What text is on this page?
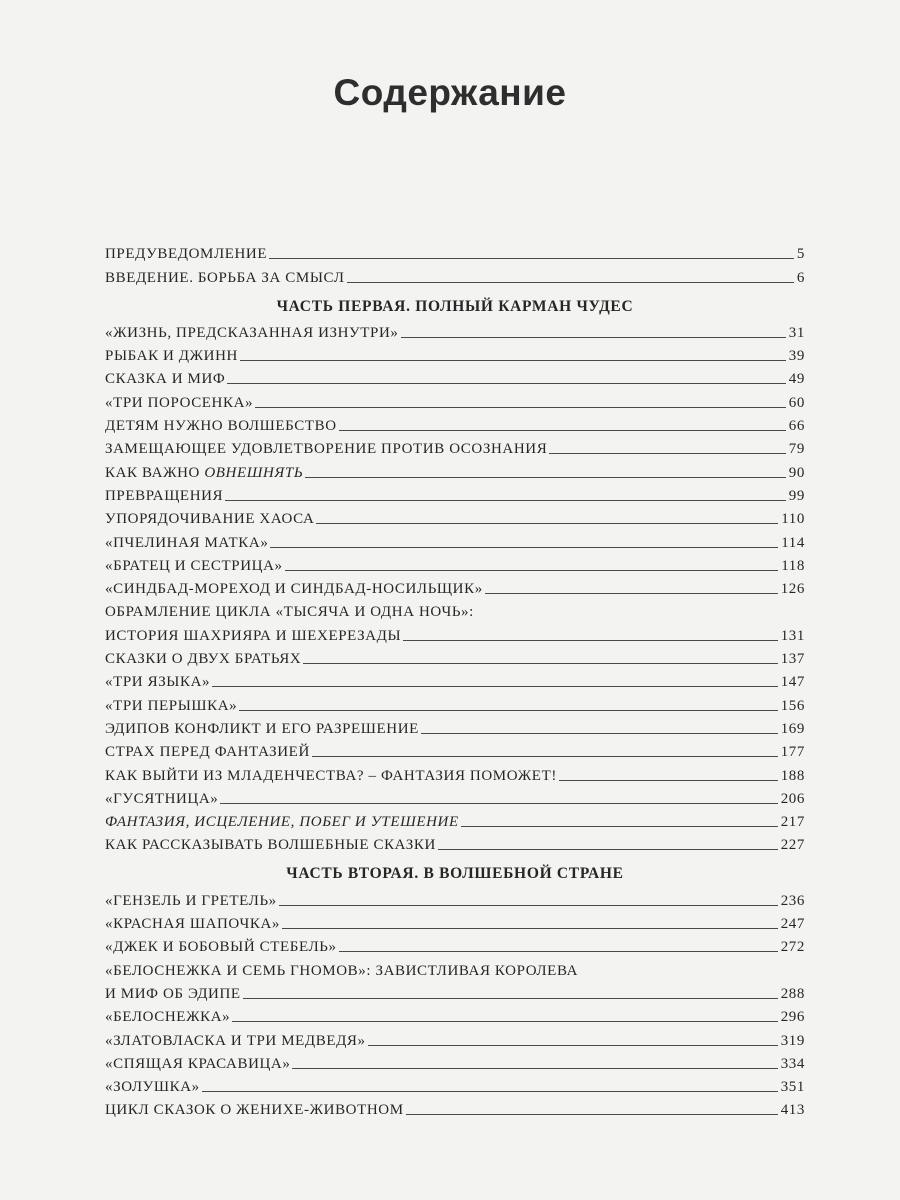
Содержание
ПРЕДУВЕДОМЛЕНИЕ	5
ВВЕДЕНИЕ. БОРЬБА ЗА СМЫСЛ	6
ЧАСТЬ ПЕРВАЯ. ПОЛНЫЙ КАРМАН ЧУДЕС
«ЖИЗНЬ, ПРЕДСКАЗАННАЯ ИЗНУТРИ»	31
РЫБАК И ДЖИНН	39
СКАЗКА И МИФ	49
«ТРИ ПОРОСЕНКА»	60
ДЕТЯМ НУЖНО ВОЛШЕБСТВО	66
ЗАМЕЩАЮЩЕЕ УДОВЛЕТВОРЕНИЕ ПРОТИВ ОСОЗНАНИЯ	79
КАК ВАЖНО ОВНЕШНЯТЬ	90
ПРЕВРАЩЕНИЯ	99
УПОРЯДОЧИВАНИЕ ХАОСА	110
«ПЧЕЛИНАЯ МАТКА»	114
«БРАТЕЦ И СЕСТРИЦА»	118
«СИНДБАД-МОРЕХОД И СИНДБАД-НОСИЛЬЩИК»	126
ОБРАМЛЕНИЕ ЦИКЛА «ТЫСЯЧА И ОДНА НОЧЬ»:
ИСТОРИЯ ШАХРИЯРА И ШЕХЕРЕЗАДЫ	131
СКАЗКИ О ДВУХ БРАТЬЯХ	137
«ТРИ ЯЗЫКА»	147
«ТРИ ПЕРЫШКА»	156
ЭДИПОВ КОНФЛИКТ И ЕГО РАЗРЕШЕНИЕ	169
СТРАХ ПЕРЕД ФАНТАЗИЕЙ	177
КАК ВЫЙТИ ИЗ МЛАДЕНЧЕСТВА? – ФАНТАЗИЯ ПОМОЖЕТ!	188
«ГУСЯТНИЦА»	206
ФАНТАЗИЯ, ИСЦЕЛЕНИЕ, ПОБЕГ И УТЕШЕНИЕ	217
КАК РАССКАЗЫВАТЬ ВОЛШЕБНЫЕ СКАЗКИ	227
ЧАСТЬ ВТОРАЯ. В ВОЛШЕБНОЙ СТРАНЕ
«ГЕНЗЕЛЬ И ГРЕТЕЛЬ»	236
«КРАСНАЯ ШАПОЧКА»	247
«ДЖЕК И БОБОВЫЙ СТЕБЕЛЬ»	272
«БЕЛОСНЕЖКА И СЕМЬ ГНОМОВ»: ЗАВИСТЛИВАЯ КОРОЛЕВА
И МИФ ОБ ЭДИПЕ	288
«БЕЛОСНЕЖКА»	296
«ЗЛАТОВЛАСКА И ТРИ МЕДВЕДЯ»	319
«СПЯЩАЯ КРАСАВИЦА»	334
«ЗОЛУШКА»	351
ЦИКЛ СКАЗОК О ЖЕНИХЕ-ЖИВОТНОМ	413
